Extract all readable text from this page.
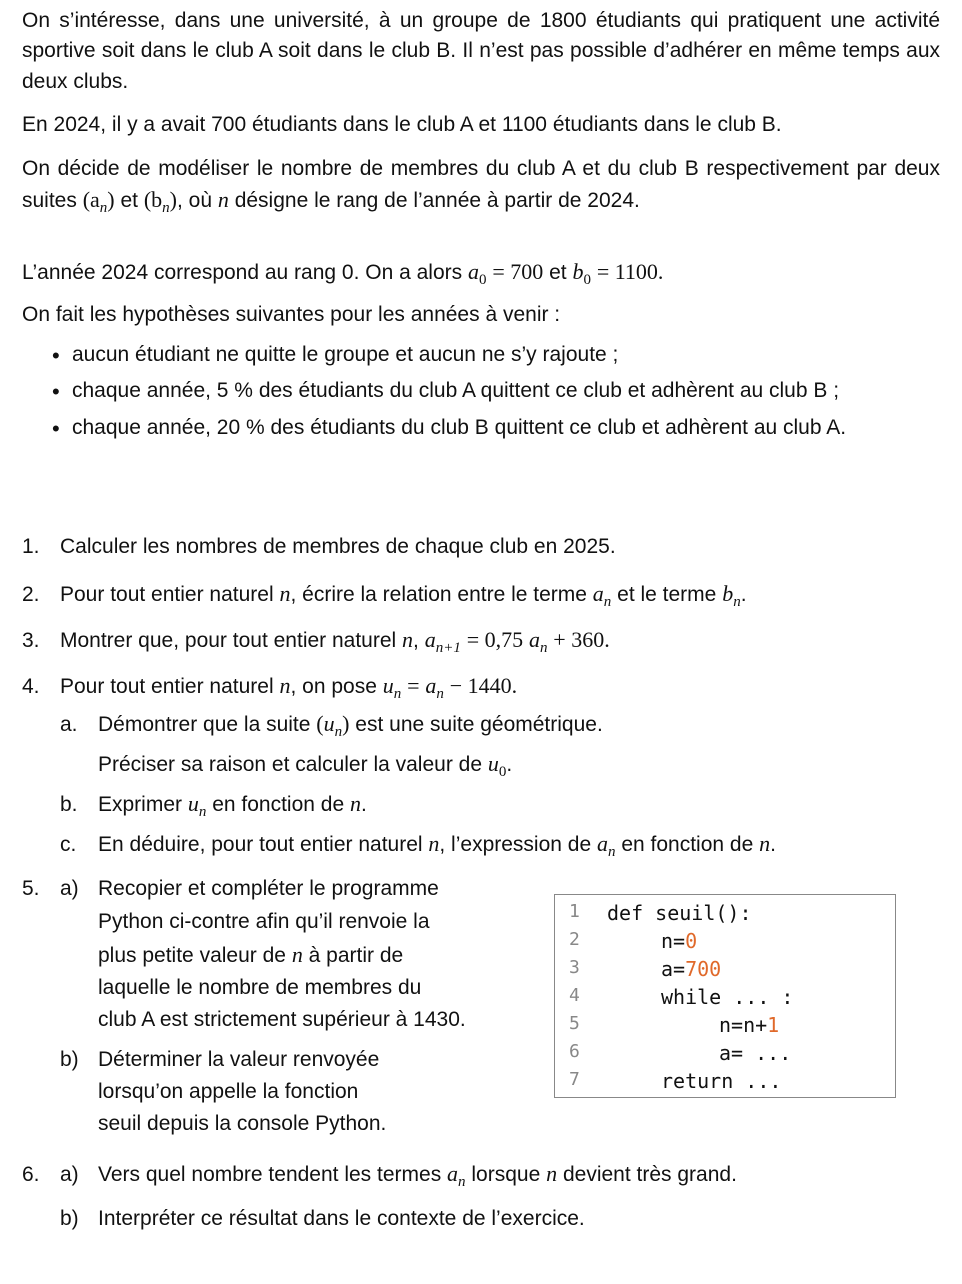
On s’intéresse, dans une université, à un groupe de 1800 étudiants qui pratiquent une activité sportive soit dans le club A soit dans le club B. Il n’est pas possible d’adhérer en même temps aux deux clubs.
En 2024, il y a avait 700 étudiants dans le club A et 1100 étudiants dans le club B.
On décide de modéliser le nombre de membres du club A et du club B respectivement par deux suites $(a_n)$ et $(b_n)$, où n désigne le rang de l’année à partir de 2024.
L’année 2024 correspond au rang 0. On a alors $a_0 = 700$ et $b_0 = 1100$.
On fait les hypothèses suivantes pour les années à venir :
• aucun étudiant ne quitte le groupe et aucun ne s’y rajoute ;
• chaque année, 5 % des étudiants du club A quittent ce club et adhèrent au club B ;
• chaque année, 20 % des étudiants du club B quittent ce club et adhèrent au club A.
1. Calculer les nombres de membres de chaque club en 2025.
2. Pour tout entier naturel n, écrire la relation entre le terme $a_n$ et le terme $b_n$.
3. Montrer que, pour tout entier naturel n, $a_{n+1} = 0,75$ $a_n + 360$.
4. Pour tout entier naturel n, on pose $u_n = a_n - 1440$.
a. Démontrer que la suite $(u_n)$ est une suite géométrique.
Préciser sa raison et calculer la valeur de $u_0$.
b. Exprimer $u_n$ en fonction de n.
c. En déduire, pour tout entier naturel n, l’expression de $a_n$ en fonction de n.
5. a) Recopier et compléter le programme
Python ci-contre afin qu’il renvoie la
plus petite valeur de n à partir de
laquelle le nombre de membres du
club A est strictement supérieur à 1430.
b) Déterminer la valeur renvoyée
lorsqu’on appelle la fonction
seuil depuis la console Python.
1 def seuil():
2	n=0
3	a=700
4	while ... :
5	n=n+1
6	a= ...
7	return ...
6. a) Vers quel nombre tendent les termes $a_n$ lorsque n devient très grand.
b) Interpréter ce résultat dans le contexte de l’exercice.
